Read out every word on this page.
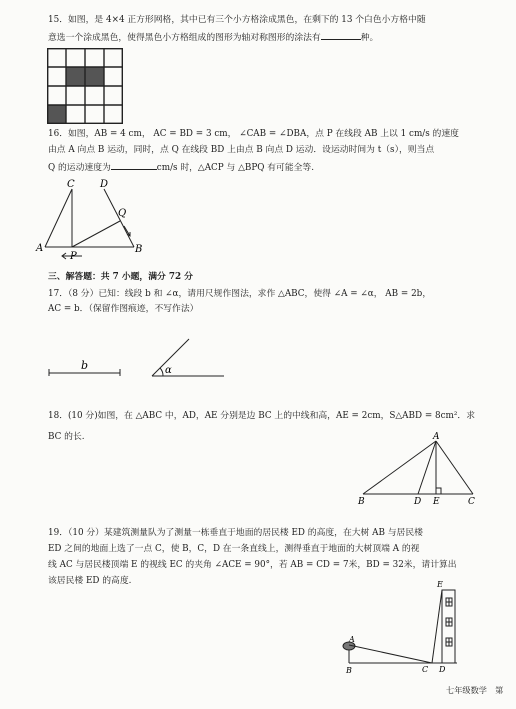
15．如图，是 4×4 正方形网格，其中已有三个小方格涂成黑色，在剩下的 13 个白色小方格中随
意选一个涂成黑色，使得黑色小方格组成的图形为轴对称图形的涂法有	种。
16．如图，AB = 4 cm， AC = BD = 3 cm， ∠CAB = ∠DBA，点 P 在线段 AB 上以 1 cm/s 的速度
由点 A 向点 B 运动，同时，点 Q 在线段 BD 上由点 B 向点 D 运动．设运动时间为 t（s），则当点
Q 的运动速度为	cm/s 时，△ACP 与 △BPQ 有可能全等.
C	D
Q
A
P
B
三、解答题：共 7 小题，满分 72 分
17．（8 分）已知：线段 b 和 ∠α，请用尺规作图法，求作 △ABC，使得 ∠A = ∠α， AB = 2b，
AC = b．（保留作图痕迹，不写作法）
b	α
18．(10 分)如图，在 △ABC 中，AD，AE 分别是边 BC 上的中线和高，AE = 2cm，S△ABD = 8cm²．求
BC 的长.	A
B	D E	C
19．（10 分）某建筑测量队为了测量一栋垂直于地面的居民楼 ED 的高度，在大树 AB 与居民楼
ED 之间的地面上选了一点 C，使 B，C，D 在一条直线上，测得垂直于地面的大树顶端 A 的视
线 AC 与居民楼顶端 E 的视线 EC 的夹角 ∠ACE = 90°，若 AB = CD = 7米，BD = 32米，请计算出
该居民楼 ED 的高度.	E
A
B	C D
七年级数学　第
